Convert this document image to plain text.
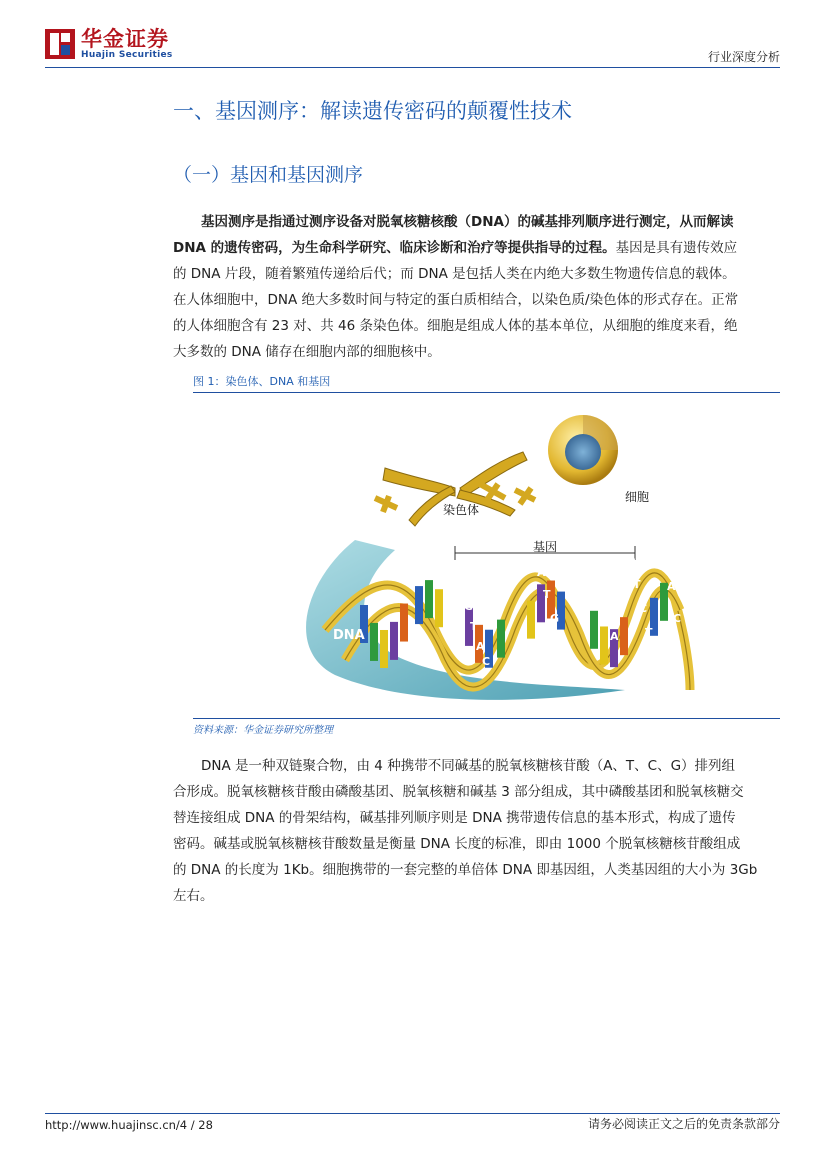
华金证券
Huajin Securities	行业深度分析
一、基因测序：解读遗传密码的颠覆性技术
（一）基因和基因测序
基因测序是指通过测序设备对脱氧核糖核酸（DNA）的碱基排列顺序进行测定，从而解读
DNA 的遗传密码，为生命科学研究、临床诊断和治疗等提供指导的过程。基因是具有遗传效应
的 DNA 片段，随着繁殖传递给后代；而 DNA 是包括人类在内绝大多数生物遗传信息的载体。
在人体细胞中，DNA 绝大多数时间与特定的蛋白质相结合，以染色质/染色体的形式存在。正常
的人体细胞含有 23 对、共 46 条染色体。细胞是组成人体的基本单位，从细胞的维度来看，绝
大多数的 DNA 储存在细胞内部的细胞核中。
图 1：染色体、DNA 和基因
C
G
T
A
C
A
T
G
T
A
T
A
C
A
G
T
C
T
A
G
A
C
染色体
细胞
基因
DNA
资料来源：华金证券研究所整理
DNA 是一种双链聚合物，由 4 种携带不同碱基的脱氧核糖核苷酸（A、T、C、G）排列组
合形成。脱氧核糖核苷酸由磷酸基团、脱氧核糖和碱基 3 部分组成，其中磷酸基团和脱氧核糖交
替连接组成 DNA 的骨架结构，碱基排列顺序则是 DNA 携带遗传信息的基本形式，构成了遗传
密码。碱基或脱氧核糖核苷酸数量是衡量 DNA 长度的标准，即由 1000 个脱氧核糖核苷酸组成
的 DNA 的长度为 1Kb。细胞携带的一套完整的单倍体 DNA 即基因组，人类基因组的大小为 3Gb
左右。
http://www.huajinsc.cn/4 / 28	请务必阅读正文之后的免责条款部分
